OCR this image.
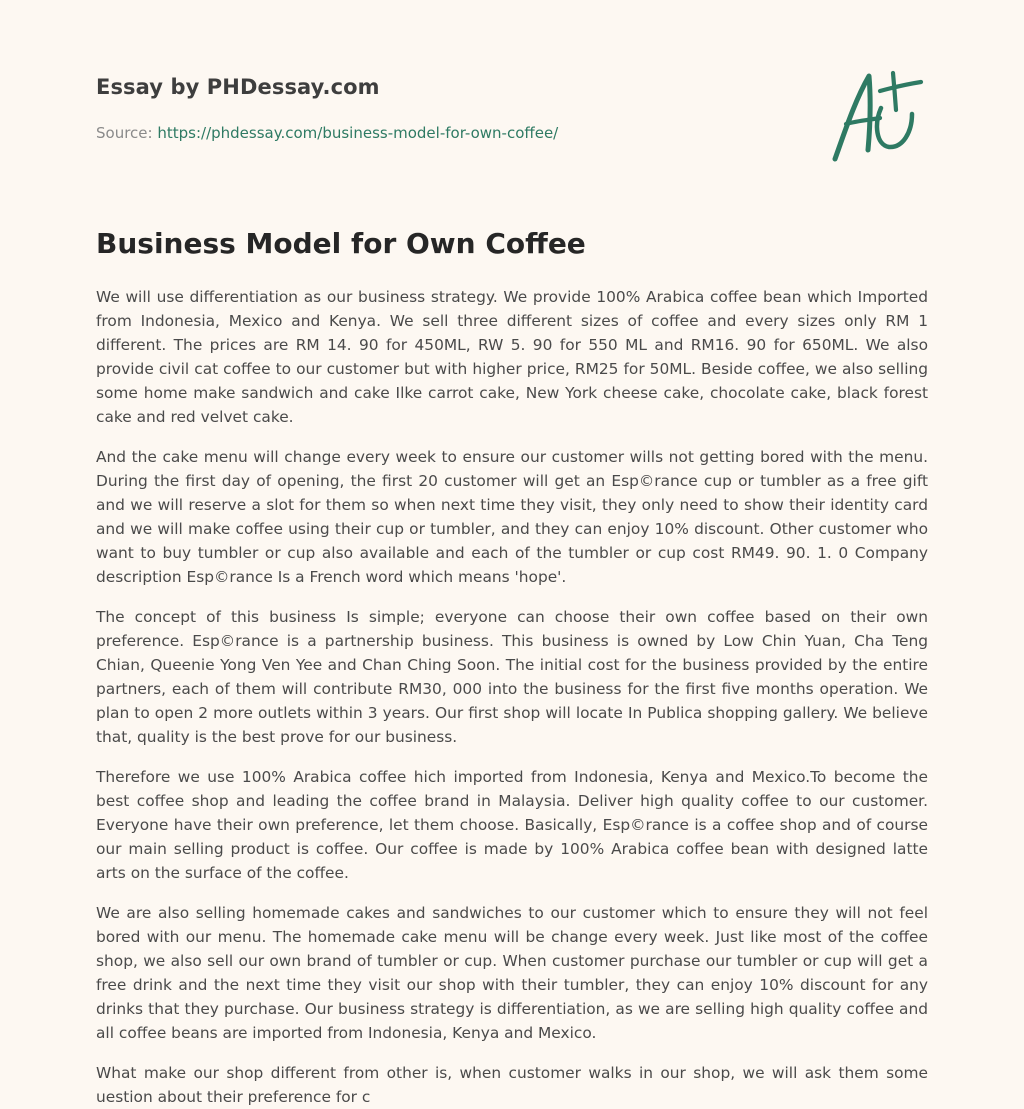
Essay by PHDessay.com
Source: https://phdessay.com/business-model-for-own-coffee/
Business Model for Own Coffee

We will use differentiation as our business strategy. We provide 100% Arabica coffee bean which Imported from Indonesia, Mexico and Kenya. We sell three different sizes of coffee and every sizes only RM 1 different. The prices are RM 14. 90 for 450ML, RW 5. 90 for 550 ML and RM16. 90 for 650ML. We also provide civil cat coffee to our customer but with higher price, RM25 for 50ML. Beside coffee, we also selling some home make sandwich and cake Ilke carrot cake, New York cheese cake, chocolate cake, black forest cake and red velvet cake.

And the cake menu will change every week to ensure our customer wills not getting bored with the menu. During the first day of opening, the first 20 customer will get an Esp©rance cup or tumbler as a free gift and we will reserve a slot for them so when next time they visit, they only need to show their identity card and we will make coffee using their cup or tumbler, and they can enjoy 10% discount. Other customer who want to buy tumbler or cup also available and each of the tumbler or cup cost RM49. 90. 1. 0 Company description Esp©rance Is a French word which means 'hope'.

The concept of this business Is simple; everyone can choose their own coffee based on their own preference. Esp©rance is a partnership business. This business is owned by Low Chin Yuan, Cha Teng Chian, Queenie Yong Ven Yee and Chan Ching Soon. The initial cost for the business provided by the entire partners, each of them will contribute RM30, 000 into the business for the first five months operation. We plan to open 2 more outlets within 3 years. Our first shop will locate In Publica shopping gallery. We believe that, quality is the best prove for our business.

Therefore we use 100% Arabica coffee hich imported from Indonesia, Kenya and Mexico.To become the best coffee shop and leading the coffee brand in Malaysia. Deliver high quality coffee to our customer. Everyone have their own preference, let them choose. Basically, Esp©rance is a coffee shop and of course our main selling product is coffee. Our coffee is made by 100% Arabica coffee bean with designed latte arts on the surface of the coffee.

We are also selling homemade cakes and sandwiches to our customer which to ensure they will not feel bored with our menu. The homemade cake menu will be change every week. Just like most of the coffee shop, we also sell our own brand of tumbler or cup. When customer purchase our tumbler or cup will get a free drink and the next time they visit our shop with their tumbler, they can enjoy 10% discount for any drinks that they purchase. Our business strategy is differentiation, as we are selling high quality coffee and all coffee beans are imported from Indonesia, Kenya and Mexico.

What make our shop different from other is, when customer walks in our shop, we will ask them some uestion about their preference for c
